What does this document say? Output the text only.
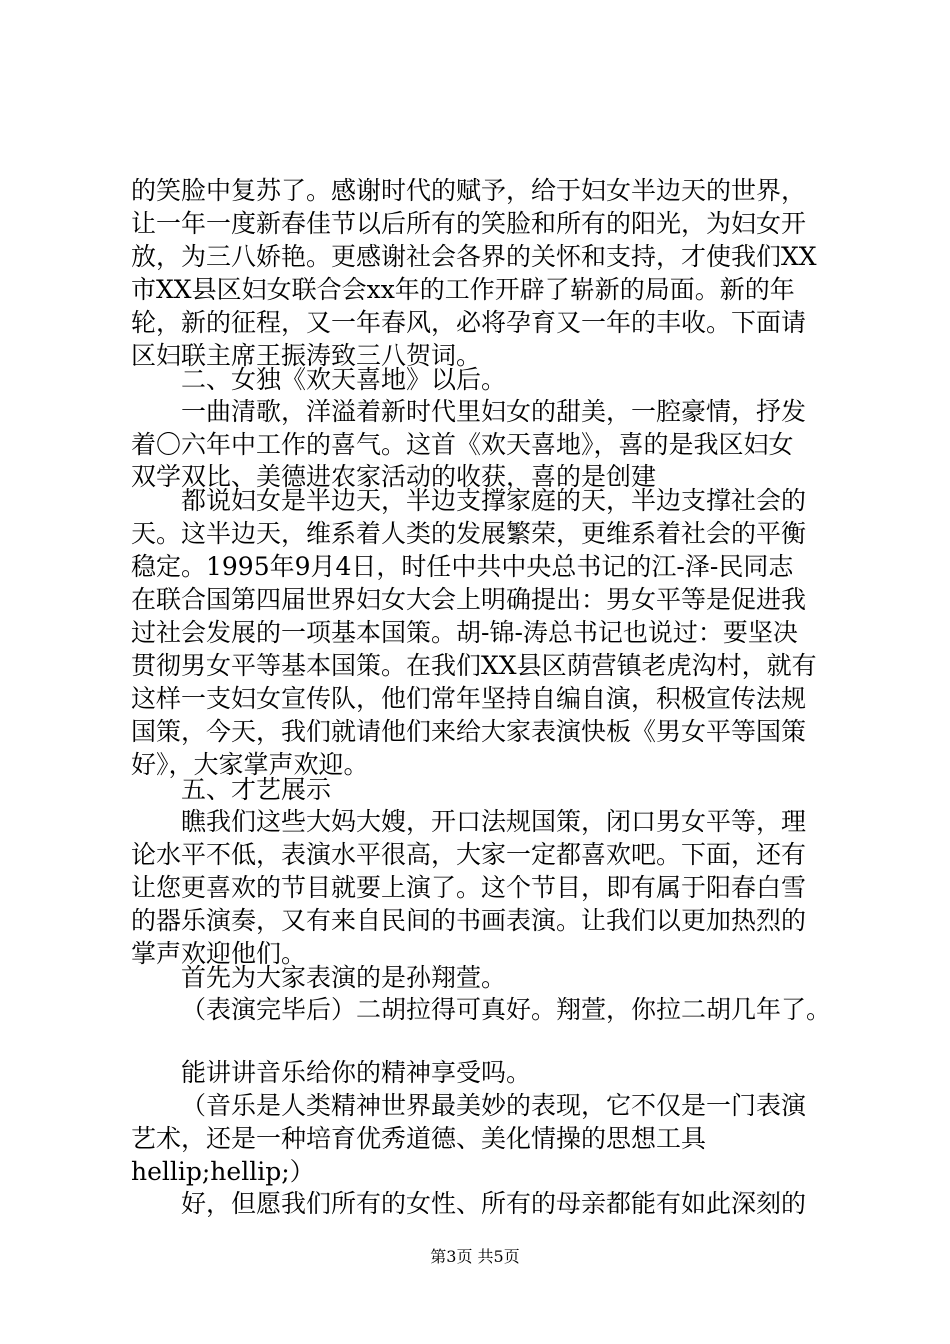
的笑脸中复苏了。感谢时代的赋予，给于妇女半边天的世界，
让一年一度新春佳节以后所有的笑脸和所有的阳光，为妇女开
放，为三八娇艳。更感谢社会各界的关怀和支持，才使我们XX
市XX县区妇女联合会xx年的工作开辟了崭新的局面。新的年
轮，新的征程，又一年春风，必将孕育又一年的丰收。下面请
区妇联主席王振涛致三八贺词。
二、女独《欢天喜地》以后。
一曲清歌，洋溢着新时代里妇女的甜美，一腔豪情，抒发
着〇六年中工作的喜气。这首《欢天喜地》，喜的是我区妇女
双学双比、美德进农家活动的收获，喜的是创建
都说妇女是半边天，半边支撑家庭的天，半边支撑社会的
天。这半边天，维系着人类的发展繁荣，更维系着社会的平衡
稳定。1995年9月4日，时任中共中央总书记的江-泽-民同志
在联合国第四届世界妇女大会上明确提出：男女平等是促进我
过社会发展的一项基本国策。胡-锦-涛总书记也说过：要坚决
贯彻男女平等基本国策。在我们XX县区荫营镇老虎沟村，就有
这样一支妇女宣传队，他们常年坚持自编自演，积极宣传法规
国策，今天，我们就请他们来给大家表演快板《男女平等国策
好》，大家掌声欢迎。
五、才艺展示
瞧我们这些大妈大嫂，开口法规国策，闭口男女平等，理
论水平不低，表演水平很高，大家一定都喜欢吧。下面，还有
让您更喜欢的节目就要上演了。这个节目，即有属于阳春白雪
的器乐演奏，又有来自民间的书画表演。让我们以更加热烈的
掌声欢迎他们。
首先为大家表演的是孙翔萱。
（表演完毕后）二胡拉得可真好。翔萱，你拉二胡几年了。
能讲讲音乐给你的精神享受吗。
（音乐是人类精神世界最美妙的表现，它不仅是一门表演
艺术，还是一种培育优秀道德、美化情操的思想工具
hellip;hellip;）
好，但愿我们所有的女性、所有的母亲都能有如此深刻的
第3页 共5页
